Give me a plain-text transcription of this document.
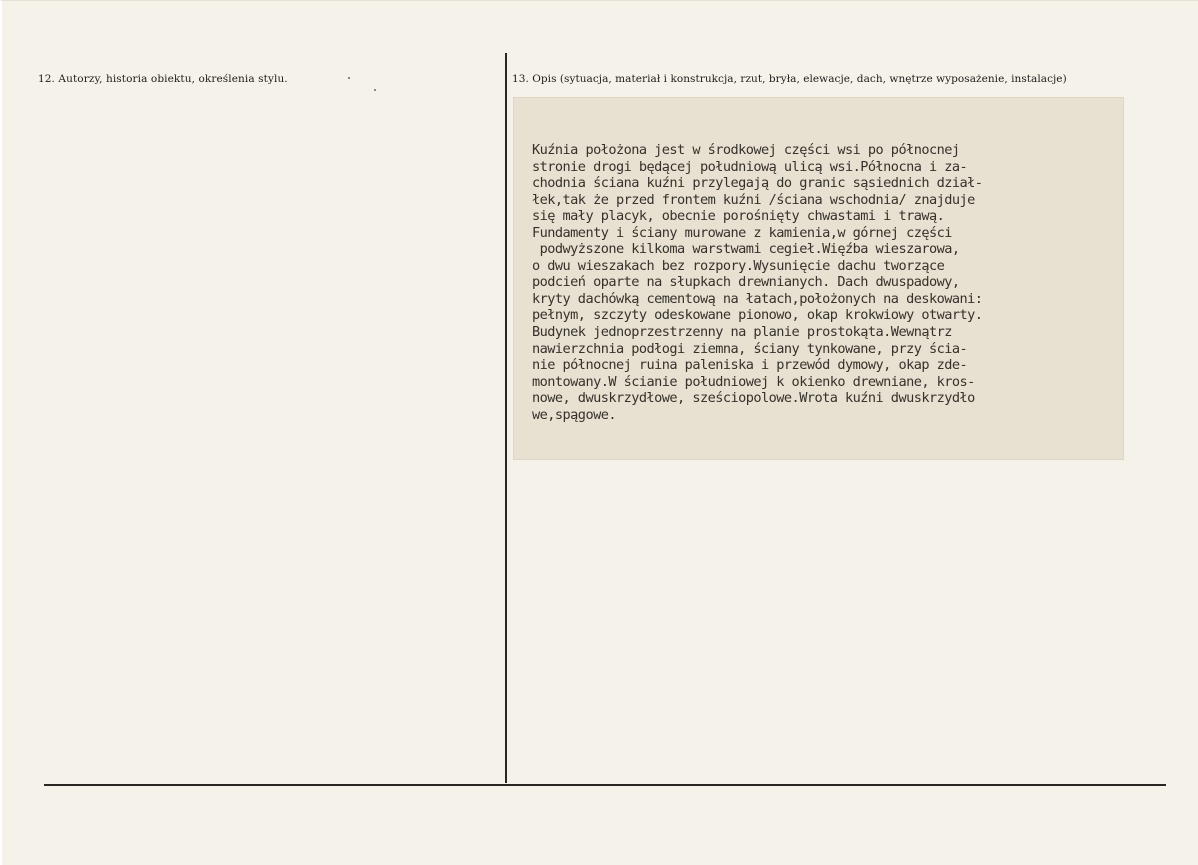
12. Autorzy, historia obiektu, określenia stylu.	13. Opis (sytuacja, materiał i konstrukcja, rzut, bryła, elewacje, dach, wnętrze wyposażenie, instalacje)
Kuźnia położona jest w środkowej części wsi po północnej
stronie drogi będącej południową ulicą wsi.Północna i za-
chodnia ściana kuźni przylegają do granic sąsiednich dział-
łek,tak że przed frontem kuźni /ściana wschodnia/ znajduje
się mały placyk, obecnie porośnięty chwastami i trawą.
Fundamenty i ściany murowane z kamienia,w górnej części
podwyższone kilkoma warstwami cegieł.Więźba wieszarowa,
o dwu wieszakach bez rozpory.Wysunięcie dachu tworzące
podcień oparte na słupkach drewnianych. Dach dwuspadowy,
kryty dachówką cementową na łatach,położonych na deskowani:
pełnym, szczyty odeskowane pionowo, okap krokwiowy otwarty.
Budynek jednoprzestrzenny na planie prostokąta.Wewnątrz
nawierzchnia podłogi ziemna, ściany tynkowane, przy ścia-
nie północnej ruina paleniska i przewód dymowy, okap zde-
montowany.W ścianie południowej k okienko drewniane, kros-
nowe, dwuskrzydłowe, sześciopolowe.Wrota kuźni dwuskrzydło
we,spągowe.
